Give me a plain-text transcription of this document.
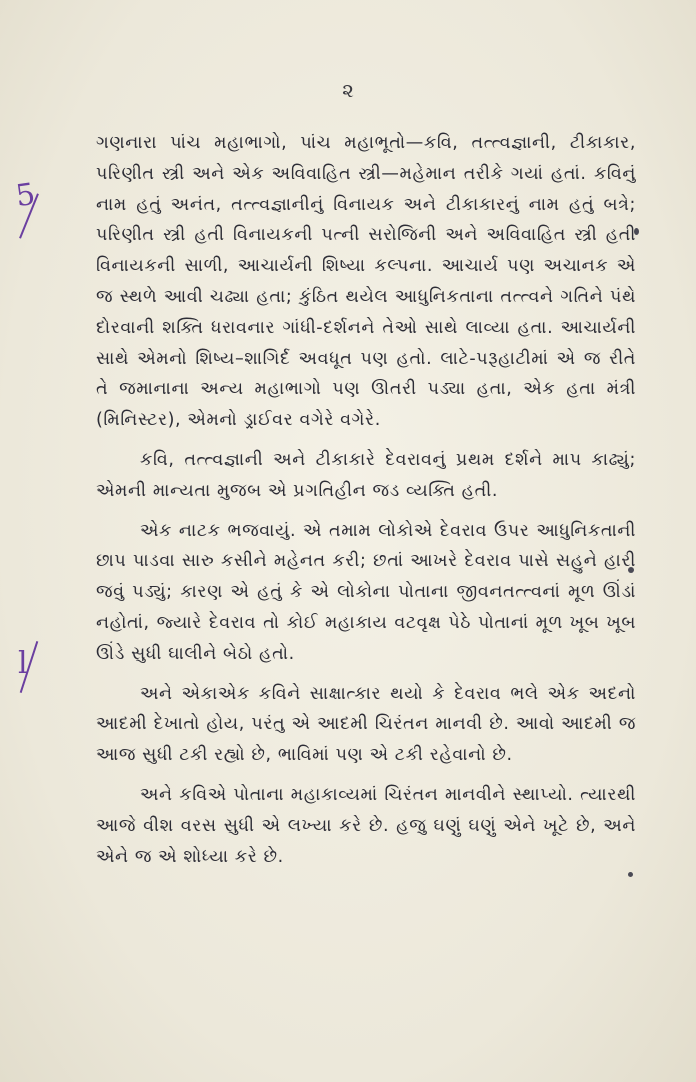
૨
5
l

ગણનારા પાંચ મહાભાગો, પાંચ મહાભૂતો—કવિ, તત્ત્વજ્ઞાની, ટીકાકાર, પરિણીત સ્ત્રી અને એક અવિવાહિત સ્ત્રી—મહેમાન તરીકે ગયાં હતાં. કવિનું નામ હતું અનંત, તત્ત્વજ્ઞાનીનું વિનાયક અને ટીકાકારનું નામ હતું બત્રે; પરિણીત સ્ત્રી હતી વિનાયકની પત્ની સરોજિની અને અવિવાહિત સ્ત્રી હતી વિનાયકની સાળી, આચાર્યની શિષ્યા કલ્પના. આચાર્ય પણ અચાનક એ જ સ્થળે આવી ચઢ્યા હતા; કુંઠિત થયેલ આધુનિકતાના તત્ત્વને ગતિને પંથે દોરવાની શક્તિ ધરાવનાર ગાંધી-દર્શનને તેઓ સાથે લાવ્યા હતા. આચાર્યની સાથે એમનો શિષ્ય–શાગિર્દ અવધૂત પણ હતો. લાટે-પરૂહાટીમાં એ જ રીતે તે જમાનાના અન્ય મહાભાગો પણ ઊતરી પડ્યા હતા, એક હતા મંત્રી (મિનિસ્ટર), એમનો ડ્રાઈવર વગેરે વગેરે.

કવિ, તત્ત્વજ્ઞાની અને ટીકાકારે દેવરાવનું પ્રથમ દર્શને માપ કાઢ્યું; એમની માન્યતા મુજબ એ પ્રગતિહીન જડ વ્યક્તિ હતી.

એક નાટક ભજવાયું. એ તમામ લોકોએ દેવરાવ ઉપર આધુનિકતાની છાપ પાડવા સારુ કસીને મહેનત કરી; છતાં આખરે દેવરાવ પાસે સહુને હારી જવું પડ્યું; કારણ એ હતું કે એ લોકોના પોતાના જીવનતત્ત્વનાં મૂળ ઊંડાં નહોતાં, જ્યારે દેવરાવ તો કોઈ મહાકાય વટવૃક્ષ પેઠે પોતાનાં મૂળ ખૂબ ખૂબ ઊંડે સુધી ઘાલીને બેઠો હતો.

અને એકાએક કવિને સાક્ષાત્કાર થયો કે દેવરાવ ભલે એક અદનો આદમી દેખાતો હોય, પરંતુ એ આદમી ચિરંતન માનવી છે. આવો આદમી જ આજ સુધી ટકી રહ્યો છે, ભાવિમાં પણ એ ટકી રહેવાનો છે.

અને કવિએ પોતાના મહાકાવ્યમાં ચિરંતન માનવીને સ્થાપ્યો. ત્યારથી આજે વીશ વરસ સુધી એ લખ્યા કરે છે. હજુ ઘણું ઘણું એને ખૂટે છે, અને એને જ એ શોધ્યા કરે છે.
